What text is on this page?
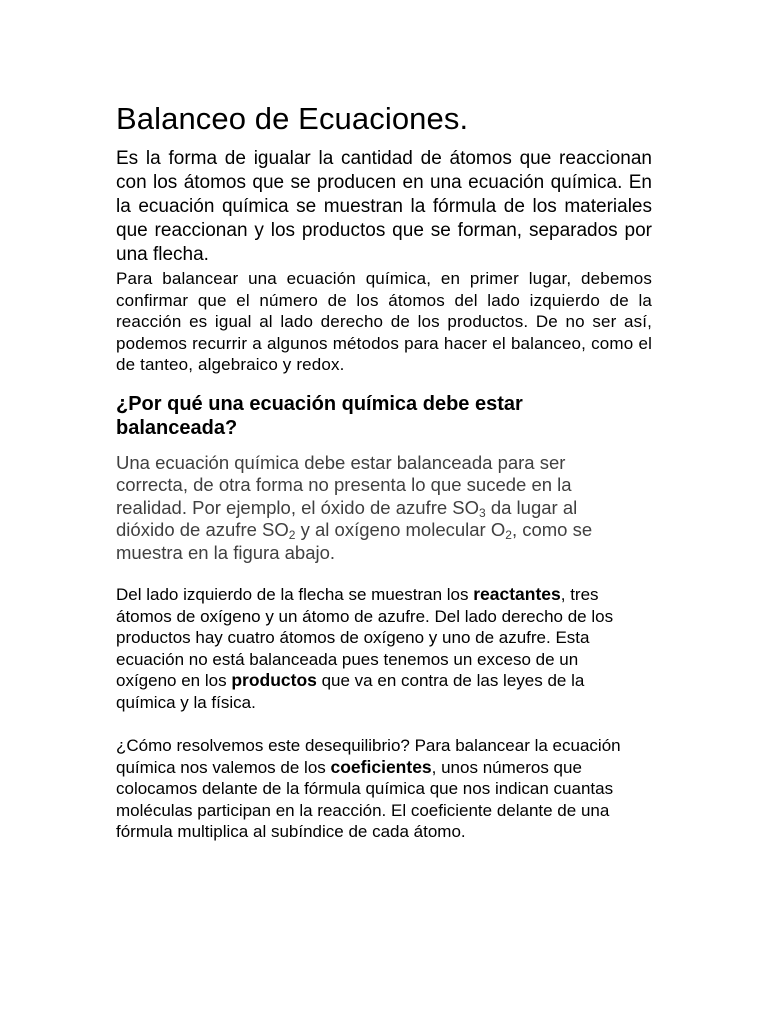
Balanceo de Ecuaciones.

Es la forma de igualar la cantidad de átomos que reaccionan con los átomos que se producen en una ecuación química. En la ecuación química se muestran la fórmula de los materiales que reaccionan y los productos que se forman, separados por una flecha.

Para balancear una ecuación química, en primer lugar, debemos confirmar que el número de los átomos del lado izquierdo de la reacción es igual al lado derecho de los productos. De no ser así, podemos recurrir a algunos métodos para hacer el balanceo, como el de tanteo, algebraico y redox.

¿Por qué una ecuación química debe estar balanceada?

Una ecuación química debe estar balanceada para ser correcta, de otra forma no presenta lo que sucede en la realidad. Por ejemplo, el óxido de azufre $SO_3$ da lugar al dióxido de azufre $SO_2$ y al oxígeno molecular $O_2$, como se muestra en la figura abajo.

Del lado izquierdo de la flecha se muestran los reactantes, tres átomos de oxígeno y un átomo de azufre. Del lado derecho de los productos hay cuatro átomos de oxígeno y uno de azufre. Esta ecuación no está balanceada pues tenemos un exceso de un oxígeno en los productos que va en contra de las leyes de la química y la física.

¿Cómo resolvemos este desequilibrio? Para balancear la ecuación química nos valemos de los coeficientes, unos números que colocamos delante de la fórmula química que nos indican cuantas moléculas participan en la reacción. El coeficiente delante de una fórmula multiplica al subíndice de cada átomo.
